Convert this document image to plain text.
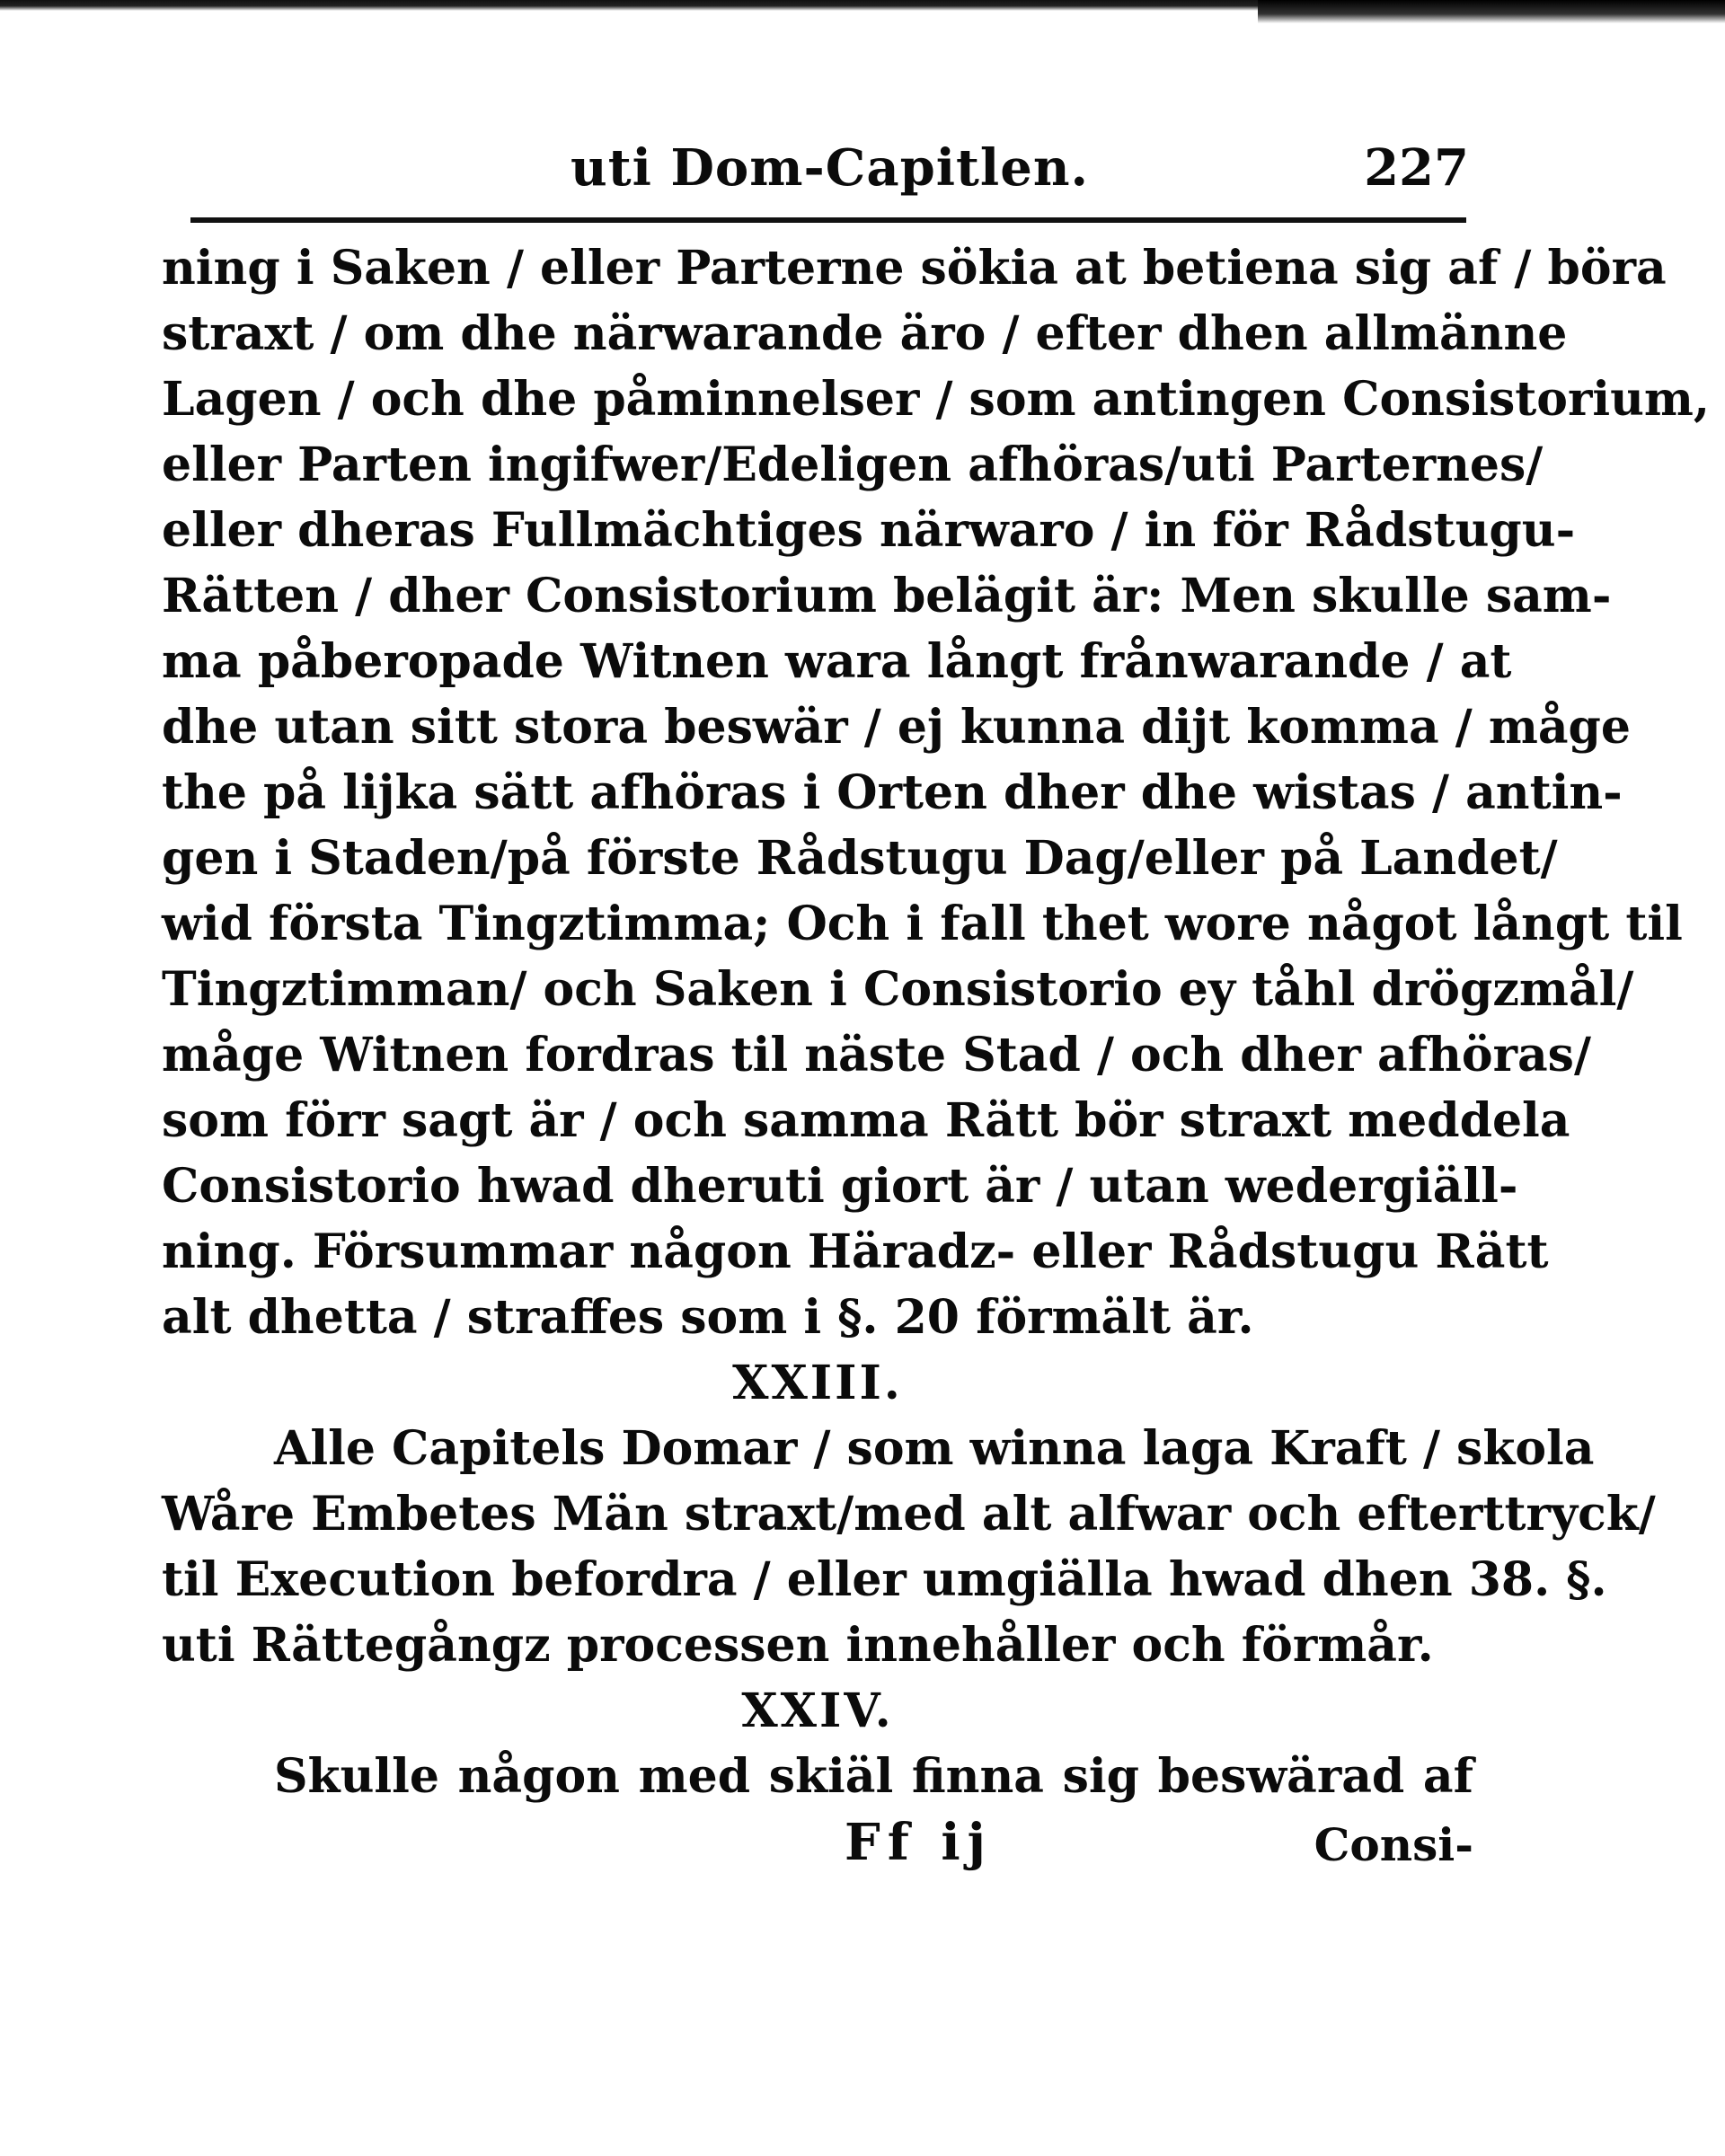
uti Dom-Capitlen.	227
ning i Saken / eller Parterne sökia at betiena sig af / böra
straxt / om dhe närwarande äro / efter dhen allmänne
Lagen / och dhe påminnelser / som antingen Consistorium,
eller Parten ingifwer/Edeligen afhöras/uti Parternes/
eller dheras Fullmächtiges närwaro / in för Rådstugu-
Rätten / dher Consistorium belägit är: Men skulle sam-
ma påberopade Witnen wara långt frånwarande / at
dhe utan sitt stora beswär / ej kunna dijt komma / måge
the på lijka sätt afhöras i Orten dher dhe wistas / antin-
gen i Staden/på förste Rådstugu Dag/eller på Landet/
wid första Tingztimma; Och i fall thet wore något långt til
Tingztimman/ och Saken i Consistorio ey tåhl drögzmål/
måge Witnen fordras til näste Stad / och dher afhöras/
som förr sagt är / och samma Rätt bör straxt meddela
Consistorio hwad dheruti giort är / utan wedergiäll-
ning. Försummar någon Häradz- eller Rådstugu Rätt
alt dhetta / straffes som i §. 20 förmält är.
XXIII.
Alle Capitels Domar / som winna laga Kraft / skola
Wåre Embetes Män straxt/med alt alfwar och efterttryck/
til Execution befordra / eller umgiälla hwad dhen 38. §.
uti Rättegångz processen innehåller och förmår.
XXIV.
Skulle någon med skiäl finna sig beswärad af
Ff ij	Consi-
